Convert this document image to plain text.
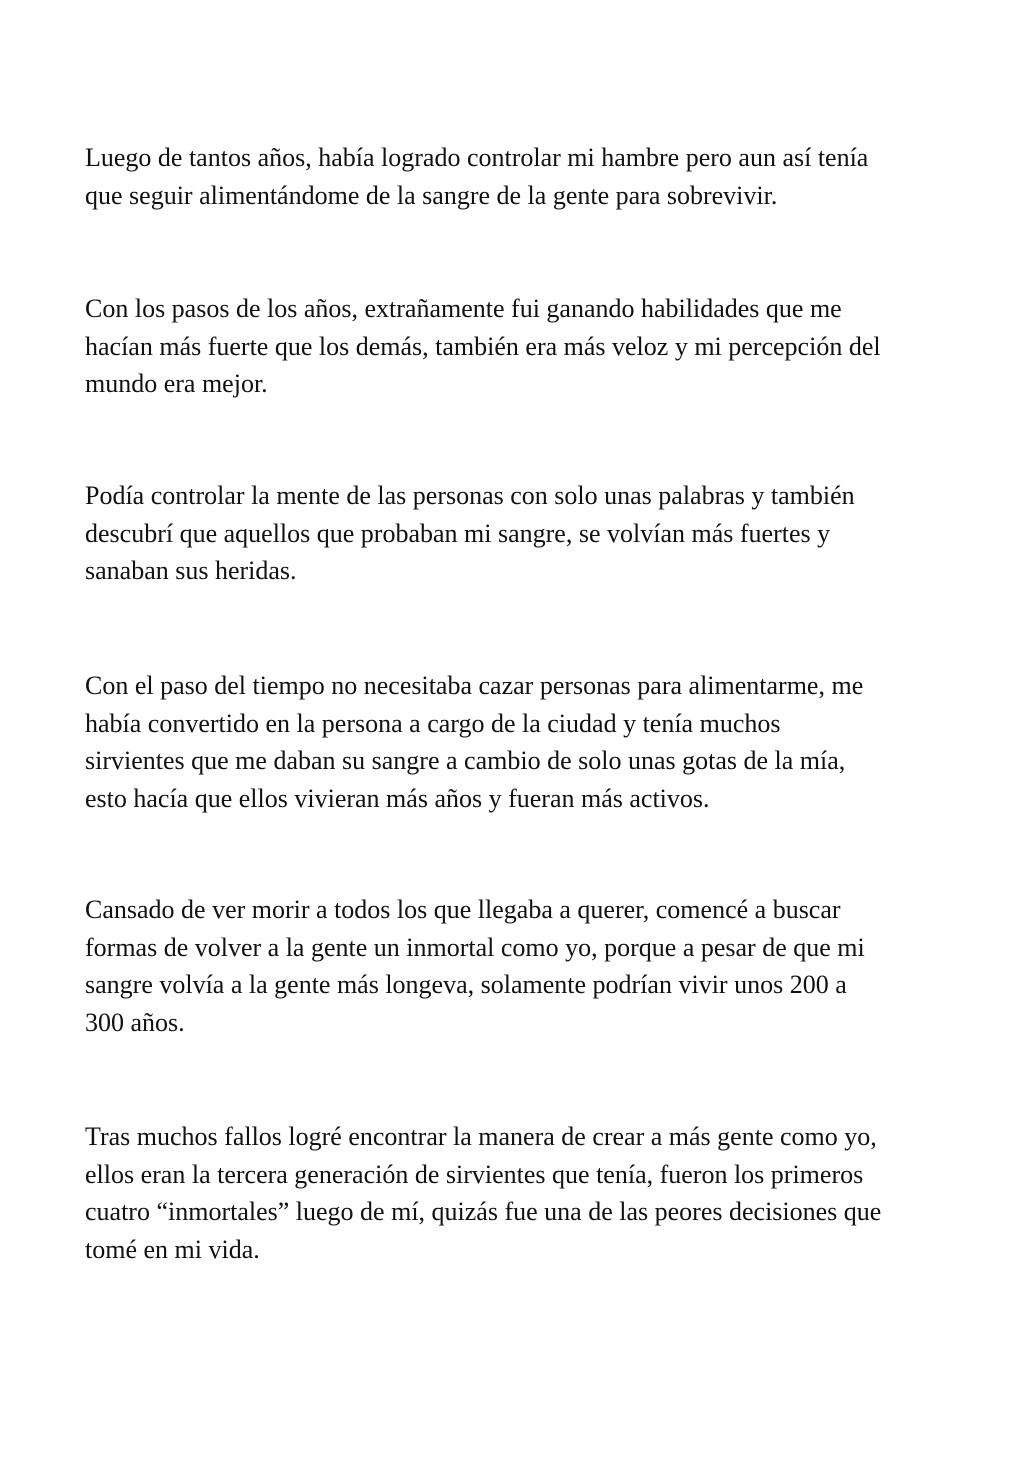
Luego de tantos años, había logrado controlar mi hambre pero aun así tenía
que seguir alimentándome de la sangre de la gente para sobrevivir.

Con los pasos de los años, extrañamente fui ganando habilidades que me
hacían más fuerte que los demás, también era más veloz y mi percepción del
mundo era mejor.

Podía controlar la mente de las personas con solo unas palabras y también
descubrí que aquellos que probaban mi sangre, se volvían más fuertes y
sanaban sus heridas.

Con el paso del tiempo no necesitaba cazar personas para alimentarme, me
había convertido en la persona a cargo de la ciudad y tenía muchos
sirvientes que me daban su sangre a cambio de solo unas gotas de la mía,
esto hacía que ellos vivieran más años y fueran más activos.

Cansado de ver morir a todos los que llegaba a querer, comencé a buscar
formas de volver a la gente un inmortal como yo, porque a pesar de que mi
sangre volvía a la gente más longeva, solamente podrían vivir unos 200 a
300 años.

Tras muchos fallos logré encontrar la manera de crear a más gente como yo,
ellos eran la tercera generación de sirvientes que tenía, fueron los primeros
cuatro “inmortales” luego de mí, quizás fue una de las peores decisiones que
tomé en mi vida.
